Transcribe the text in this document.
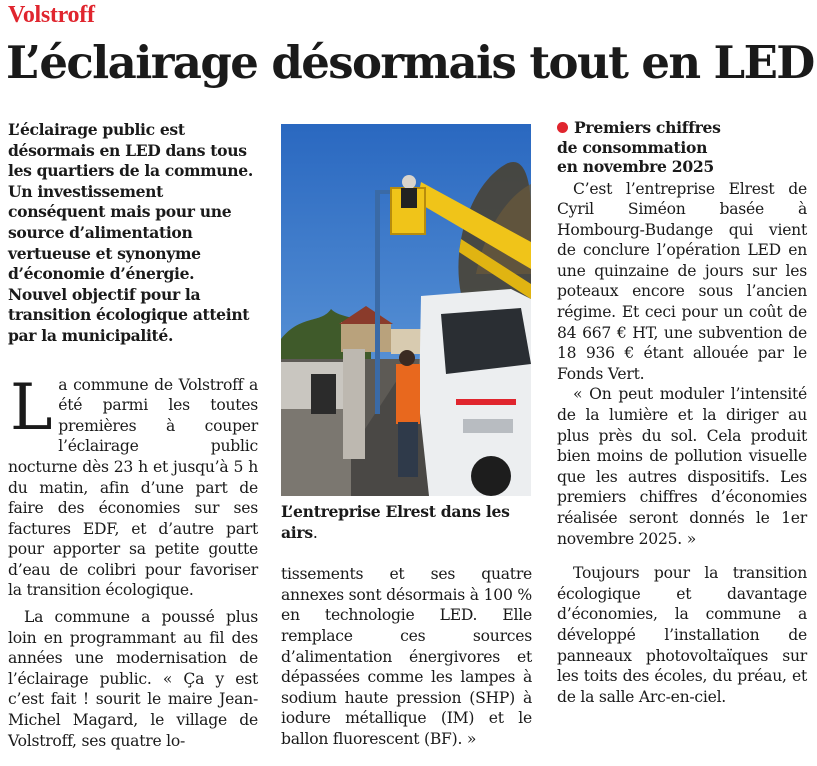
Volstroff
L’éclairage désormais tout en LED

L’éclairage public est désormais en LED dans tous les quartiers de la commune. Un investissement conséquent mais pour une source d’alimentation vertueuse et synonyme d’économie d’énergie. Nouvel objectif pour la transition écologique atteint par la municipalité.

La commune de Volstroff a été parmi les toutes premières à couper l’éclairage public nocturne dès 23 h et jusqu’à 5 h du matin, afin d’une part de faire des économies sur ses factures EDF, et d’autre part pour apporter sa petite goutte d’eau de colibri pour favoriser la transition écologique.

La commune a poussé plus loin en programmant au fil des années une modernisation de l’éclairage public. « Ça y est c’est fait ! sourit le maire Jean-Michel Magard, le village de Volstroff, ses quatre lo-

L’entreprise Elrest dans les airs.

tissements et ses quatre annexes sont désormais à 100 % en technologie LED. Elle remplace ces sources d’alimentation énergivores et dépassées comme les lampes à sodium haute pression (SHP) à iodure métallique (IM) et le ballon fluorescent (BF). »

Premiers chiffres
de consommation
en novembre 2025

C’est l’entreprise Elrest de Cyril Siméon basée à Hombourg-Budange qui vient de conclure l’opération LED en une quinzaine de jours sur les poteaux encore sous l’ancien régime. Et ceci pour un coût de 84 667 € HT, une subvention de 18 936 € étant allouée par le Fonds Vert.

« On peut moduler l’intensité de la lumière et la diriger au plus près du sol. Cela produit bien moins de pollution visuelle que les autres dispositifs. Les premiers chiffres d’économies réalisée seront donnés le 1er novembre 2025. »

Toujours pour la transition écologique et davantage d’économies, la commune a développé l’installation de panneaux photovoltaïques sur les toits des écoles, du préau, et de la salle Arc-en-ciel.
